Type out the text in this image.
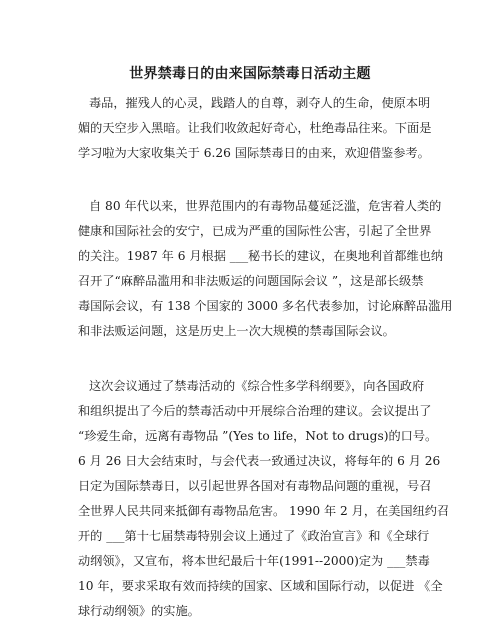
世界禁毒日的由来国际禁毒日活动主题
毒品，摧残人的心灵，践踏人的自尊，剥夺人的生命，使原本明
媚的天空步入黑暗。让我们收敛起好奇心，杜绝毒品往来。下面是
学习啦为大家收集关于 6.26 国际禁毒日的由来，欢迎借鉴参考。
自 80 年代以来，世界范围内的有毒物品蔓延泛滥，危害着人类的
健康和国际社会的安宁，已成为严重的国际性公害，引起了全世界
的关注。1987 年 6 月根据 ___秘书长的建议，在奥地利首都维也纳
召开了“麻醉品滥用和非法贩运的问题国际会议 ”，这是部长级禁
毒国际会议，有 138 个国家的 3000 多名代表参加，讨论麻醉品滥用
和非法贩运问题，这是历史上一次大规模的禁毒国际会议。
这次会议通过了禁毒活动的《综合性多学科纲要》，向各国政府
和组织提出了今后的禁毒活动中开展综合治理的建议。会议提出了
“珍爱生命，远离有毒物品 ”(Yes to life，Not to drugs)的口号。
6 月 26 日大会结束时，与会代表一致通过决议，将每年的 6 月 26
日定为国际禁毒日，以引起世界各国对有毒物品问题的重视，号召
全世界人民共同来抵御有毒物品危害。 1990 年 2 月，在美国纽约召
开的 ___第十七届禁毒特别会议上通过了《政治宣言》和《全球行
动纲领》，又宣布，将本世纪最后十年(1991--2000)定为 ___禁毒
10 年，要求采取有效而持续的国家、区域和国际行动，以促进 《全
球行动纲领》的实施。
